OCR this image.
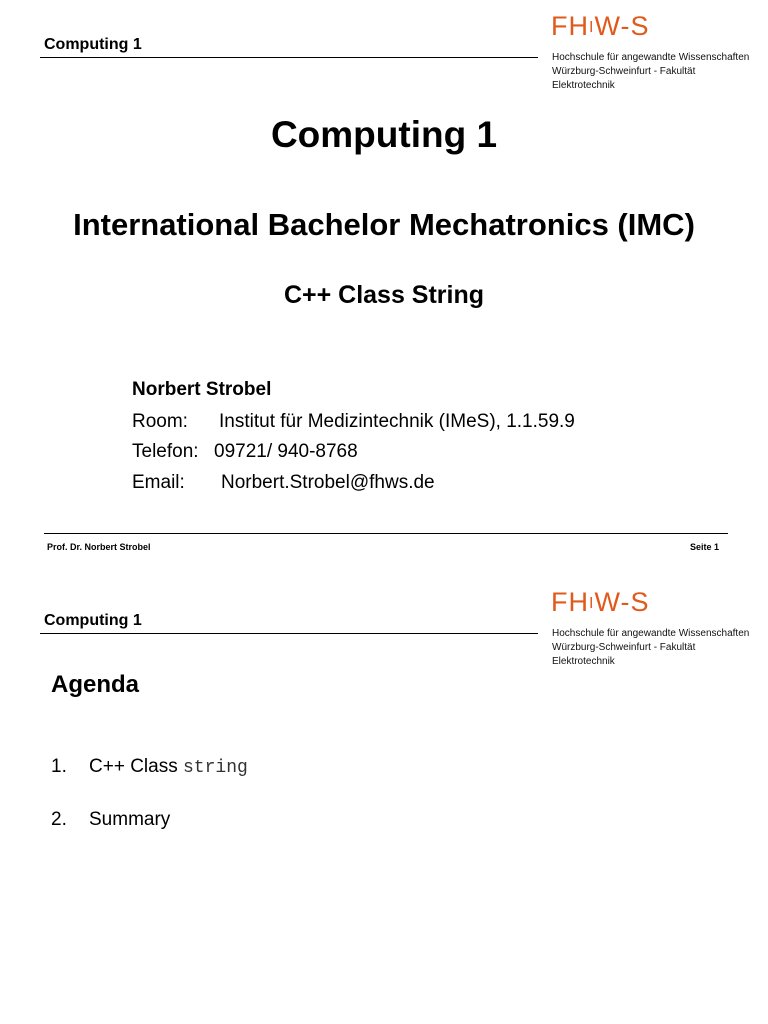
Computing 1
FHIW-S
Hochschule für angewandte Wissenschaften
Würzburg-Schweinfurt - Fakultät
Elektrotechnik
Computing 1
International Bachelor Mechatronics (IMC)
C++ Class String
Norbert Strobel
Room: Institut für Medizintechnik (IMeS), 1.1.59.9
Telefon: 09721/ 940-8768
Email: Norbert.Strobel@fhws.de
Prof. Dr. Norbert Strobel	Seite 1
Computing 1
FHIW-S
Hochschule für angewandte Wissenschaften
Würzburg-Schweinfurt - Fakultät
Elektrotechnik
Agenda
1. C++ Class string
2. Summary
